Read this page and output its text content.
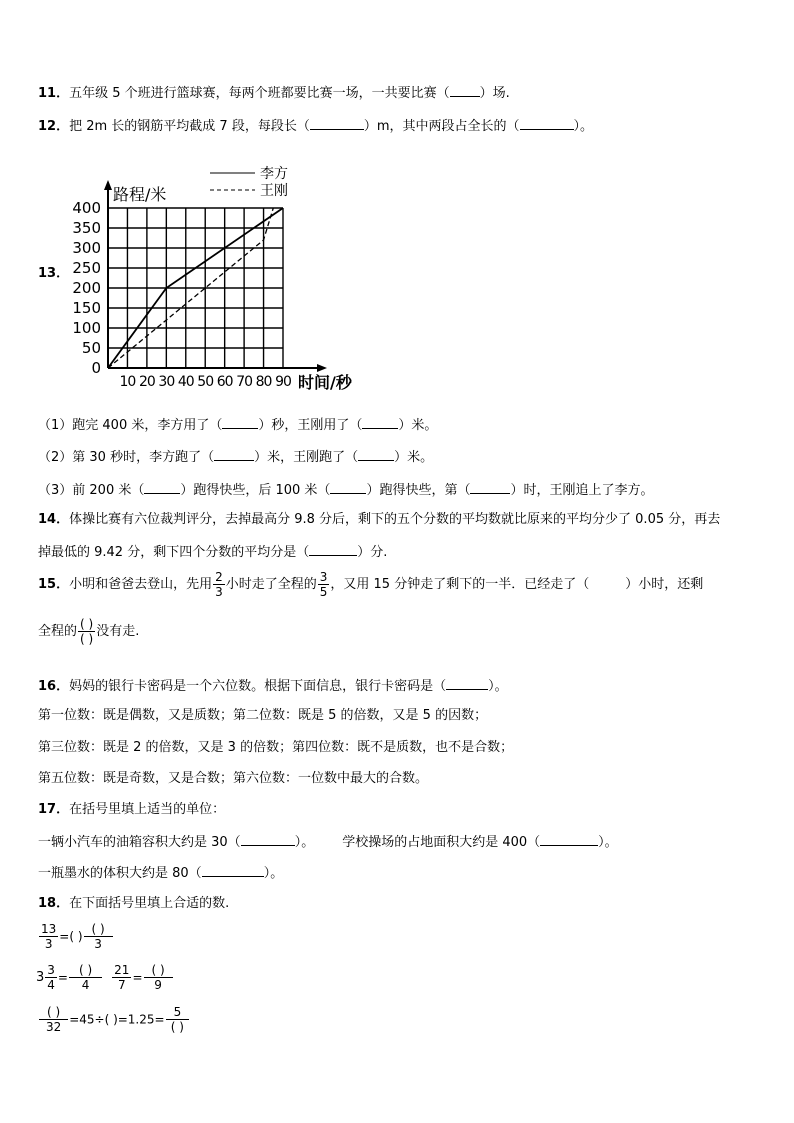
11．五年级 5 个班进行篮球赛，每两个班都要比赛一场，一共要比赛（ ）场.
12．把 2m 长的钢筋平均截成 7 段，每段长（	）m，其中两段占全长的（	）。
13．
0
50
100
150
200
250
300
350
400
10 20 30 40 50 60 70 80 90
李方
王刚
路程/米
时间/秒
（1）跑完 400 米，李方用了（	）秒，王刚用了（	）米。
（2）第 30 秒时，李方跑了（	）米，王刚跑了（	）米。
（3）前 200 米（	）跑得快些，后 100 米（	）跑得快些，第（	）时，王刚追上了李方。
14．体操比赛有六位裁判评分，去掉最高分 9.8 分后，剩下的五个分数的平均数就比原来的平均分少了 0.05 分，再去
掉最低的 9.42 分，剩下四个分数的平均分是（	）分.
15．小明和爸爸去登山，先用 $\frac{2}{3}$ 小时走了全程的 $\frac{3}{5}$ ，又用 15 分钟走了剩下的一半．已经走了（	）小时，还剩
全程的 $\frac{( )}{( )}$ 没有走.
16．妈妈的银行卡密码是一个六位数。根据下面信息，银行卡密码是（	）。
第一位数：既是偶数，又是质数；第二位数：既是 5 的倍数，又是 5 的因数；
第三位数：既是 2 的倍数，又是 3 的倍数；第四位数：既不是质数，也不是合数；
第五位数：既是奇数，又是合数；第六位数：一位数中最大的合数。
17．在括号里填上适当的单位：
一辆小汽车的油箱容积大约是 30（	）。 学校操场的占地面积大约是 400（	）。
一瓶墨水的体积大约是 80（	）。
18．在下面括号里填上合适的数.
$\frac{13}{3}$ =( ) $\frac{( )}{3}$
$3 \frac{3}{4} = \frac{( )}{4} \frac{21}{7} = \frac{( )}{9}$
$\frac{( )}{32} =45\div$( )$=1.25= \frac{5}{( )}$
